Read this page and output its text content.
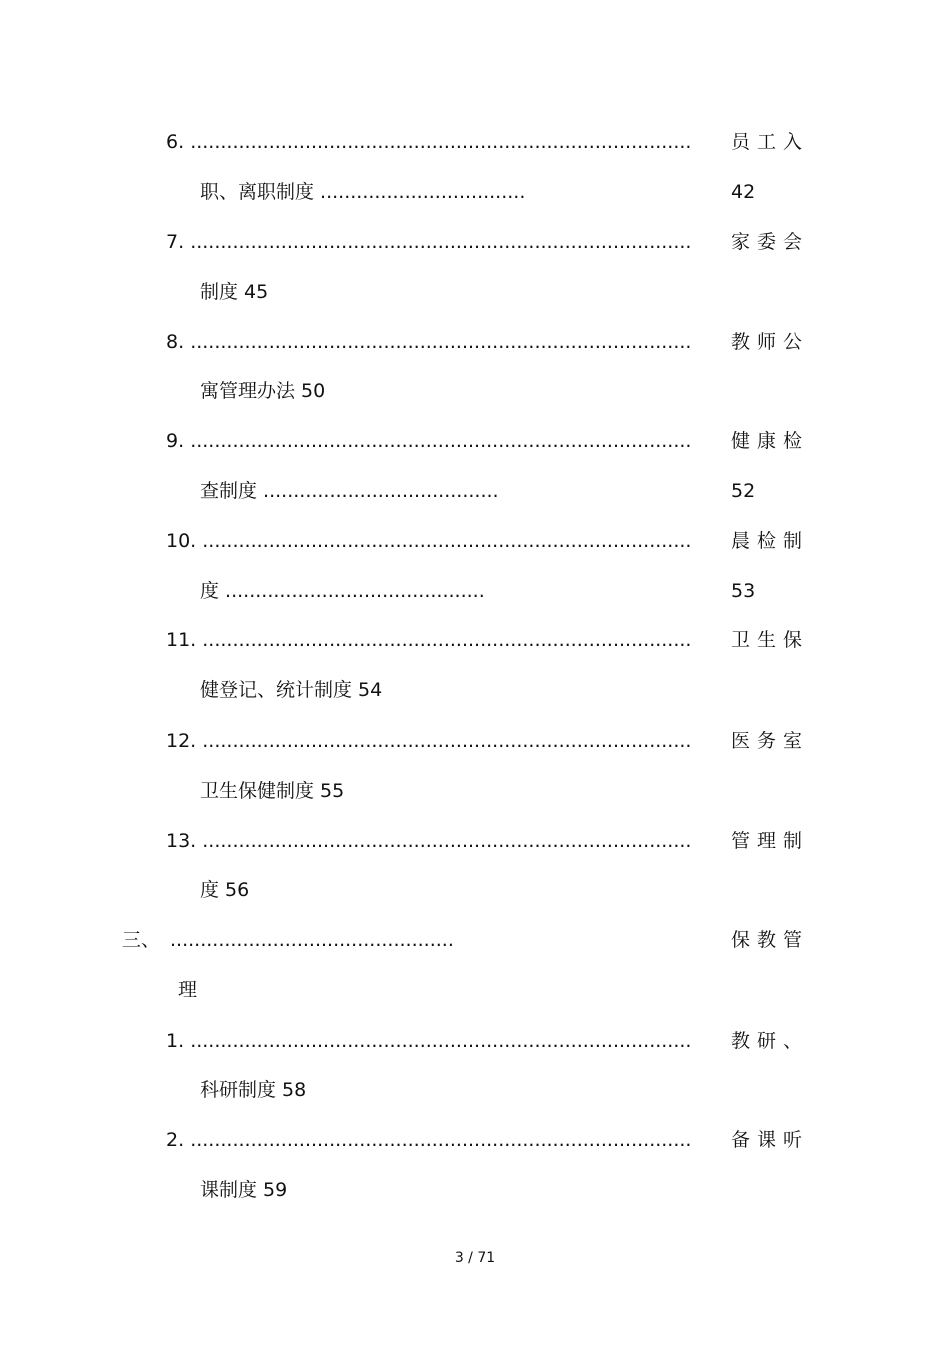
6. ................................................................................... 员工入
职、离职制度 ..................................	42
7. ................................................................................... 家委会
制度 45
8. ................................................................................... 教师公
寓管理办法 50
9. ................................................................................... 健康检
查制度 .......................................	52
10. ................................................................................. 晨检制
度 ...........................................	53
11. ................................................................................. 卫生保
健登记、统计制度 54
12. ................................................................................. 医务室
卫生保健制度 55
13. ................................................................................. 管理制
度 56
三、 ...............................................	保教管
理
1. ................................................................................... 教研、
科研制度 58
2. ................................................................................... 备课听
课制度 59
3 / 71
